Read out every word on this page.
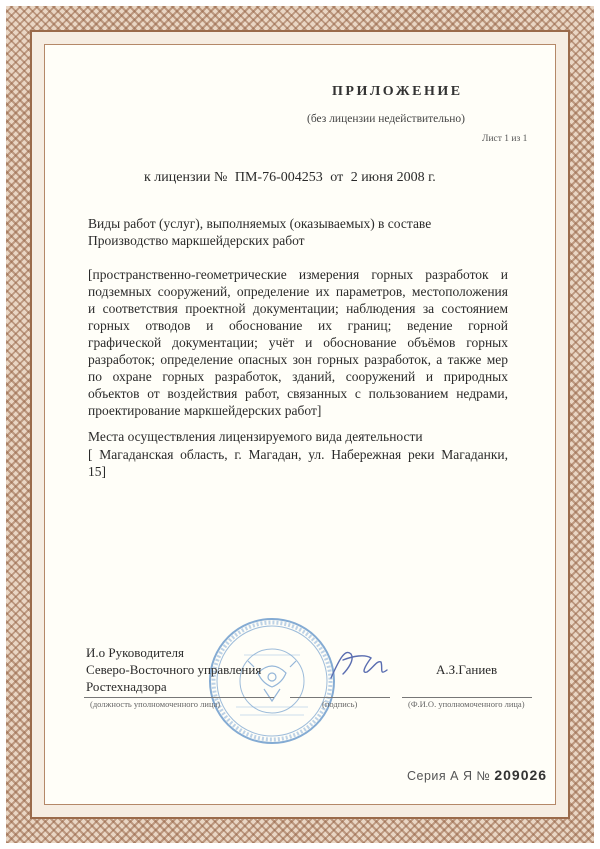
ПРИЛОЖЕНИЕ

(без лицензии недействительно)

Лист 1 из 1

к лицензии № ПМ-76-004253 от 2 июня 2008 г.

Виды работ (услуг), выполняемых (оказываемых) в составе
Производство маркшейдерских работ

[пространственно-геометрические измерения горных разработок и

подземных сооружений, определение их параметров, местоположения

и соответствия проектной документации; наблюдения за состоянием

горных отводов и обоснование их границ; ведение горной

графической документации; учёт и обоснование объёмов горных

разработок; определение опасных зон горных разработок, а также мер

по охране горных разработок, зданий, сооружений и природных

объектов от воздействия работ, связанных с пользованием недрами,

проектирование маркшейдерских работ]

Места осуществления лицензируемого вида деятельности

[ Магаданская область, г. Магадан, ул. Набережная реки Магаданки,

15]

И.о Руководителя
Северо-Восточного управления
Ростехнадзора
А.З.Ганиев
(должность уполномоченного лица)	(подпись)	(Ф.И.О. уполномоченного лица)

Серия А Я № 209026
